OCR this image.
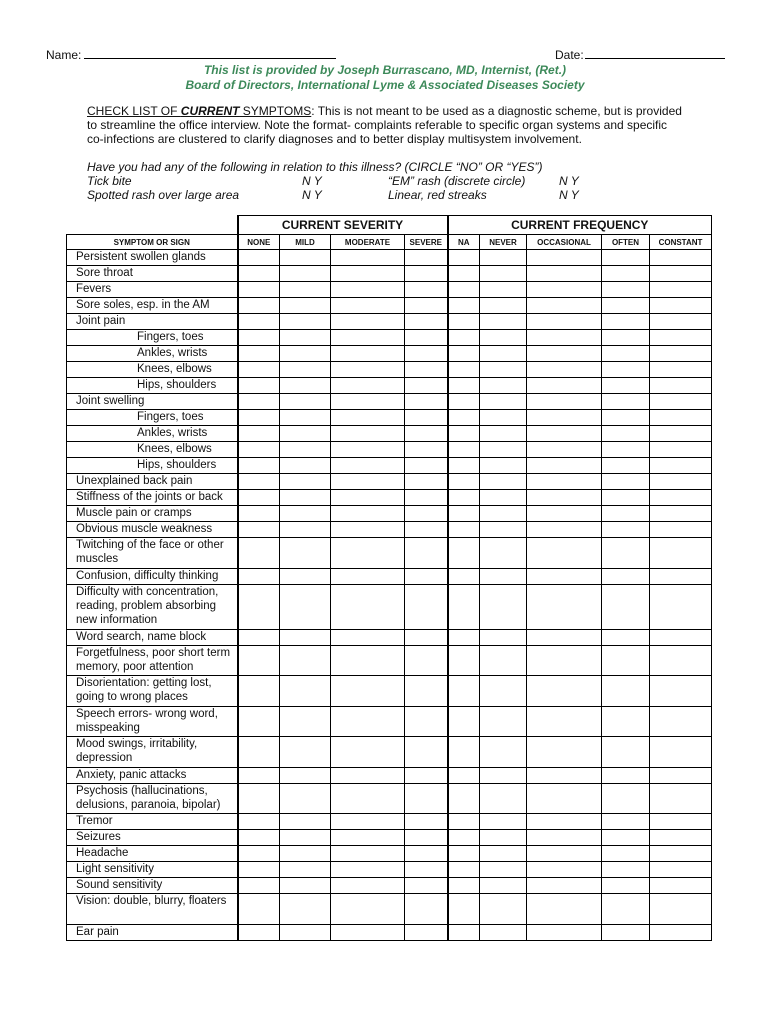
Name:	Date:
This list is provided by Joseph Burrascano, MD, Internist, (Ret.)
Board of Directors, International Lyme & Associated Diseases Society
CHECK LIST OF CURRENT SYMPTOMS: This is not meant to be used as a diagnostic scheme, but is provided to streamline the office interview. Note the format- complaints referable to specific organ systems and specific co-infections are clustered to clarify diagnoses and to better display multisystem involvement.
Have you had any of the following in relation to this illness? (CIRCLE “NO” OR “YES”)
Tick bite	N Y
Spotted rash over large area	N Y
“EM” rash (discrete circle)	N Y
Linear, red streaks	N Y
	CURRENT SEVERITY				CURRENT FREQUENCY				
SYMPTOM OR SIGN	NONE	MILD	MODERATE	SEVERE	NA	NEVER	OCCASIONAL	OFTEN	CONSTANT
Persistent swollen glands									
Sore throat									
Fevers									
Sore soles, esp. in the AM									
Joint pain									
Fingers, toes									
Ankles, wrists									
Knees, elbows									
Hips, shoulders									
Joint swelling									
Fingers, toes									
Ankles, wrists									
Knees, elbows									
Hips, shoulders									
Unexplained back pain									
Stiffness of the joints or back									
Muscle pain or cramps									
Obvious muscle weakness									
Twitching of the face or other muscles									
Confusion, difficulty thinking									
Difficulty with concentration, reading, problem absorbing new information									
Word search, name block									
Forgetfulness, poor short term memory, poor attention									
Disorientation: getting lost, going to wrong places									
Speech errors- wrong word, misspeaking									
Mood swings, irritability, depression									
Anxiety, panic attacks									
Psychosis (hallucinations, delusions, paranoia, bipolar)									
Tremor									
Seizures									
Headache									
Light sensitivity									
Sound sensitivity									
Vision: double, blurry, floaters									
Ear pain									
